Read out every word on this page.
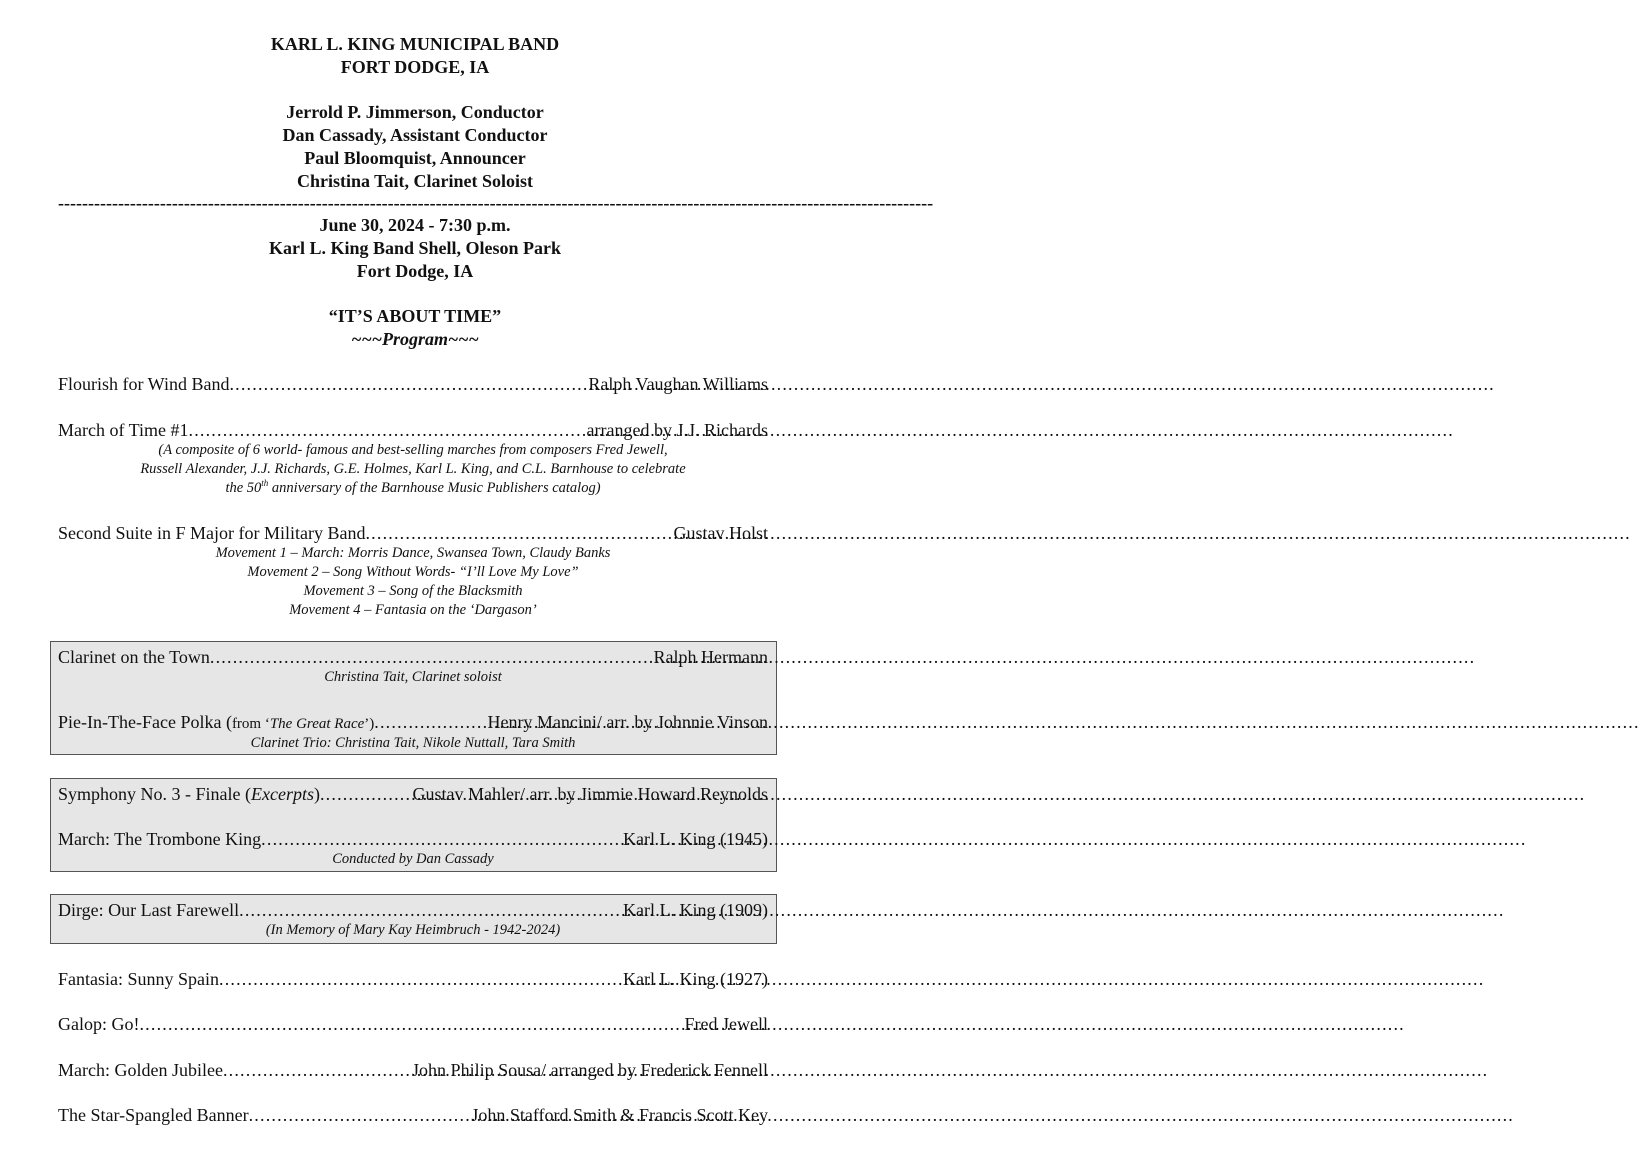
KARL L. KING MUNICIPAL BAND
FORT DODGE, IA
Jerrold P. Jimmerson, Conductor
Dan Cassady, Assistant Conductor
Paul Bloomquist, Announcer
Christina Tait, Clarinet Soloist
--------------------------------------------------------------------------------------------------------------------------------------------------
June 30, 2024 - 7:30 p.m.
Karl L. King Band Shell, Oleson Park
Fort Dodge, IA
“IT’S ABOUT TIME”
~~~Program~~~
Flourish for Wind Band .....	Ralph Vaughan Williams
March of Time #1 .....	arranged by J.J. Richards
(A composite of 6 world- famous and best-selling marches from composers Fred Jewell,
Russell Alexander, J.J. Richards, G.E. Holmes, Karl L. King, and C.L. Barnhouse to celebrate
the 50th anniversary of the Barnhouse Music Publishers catalog)
Second Suite in F Major for Military Band .....	Gustav Holst
Movement 1 – March: Morris Dance, Swansea Town, Claudy Banks
Movement 2 – Song Without Words- “I’ll Love My Love”
Movement 3 – Song of the Blacksmith
Movement 4 – Fantasia on the ‘Dargason’
Clarinet on the Town .....	Ralph Hermann
Christina Tait, Clarinet soloist
Pie-In-The-Face Polka (from ‘The Great Race’) .....	Henry Mancini/ arr. by Johnnie Vinson
Clarinet Trio: Christina Tait, Nikole Nuttall, Tara Smith
Symphony No. 3 - Finale (Excerpts) .....	Gustav Mahler/ arr. by Jimmie Howard Reynolds
March: The Trombone King .....	Karl L. King (1945)
Conducted by Dan Cassady
Dirge: Our Last Farewell .....	Karl L. King (1909)
(In Memory of Mary Kay Heimbruch - 1942-2024)
Fantasia: Sunny Spain .....	Karl L. King (1927)
Galop: Go! .....	Fred Jewell
March: Golden Jubilee .....	John Philip Sousa/ arranged by Frederick Fennell
The Star-Spangled Banner .....	John Stafford Smith & Francis Scott Key
